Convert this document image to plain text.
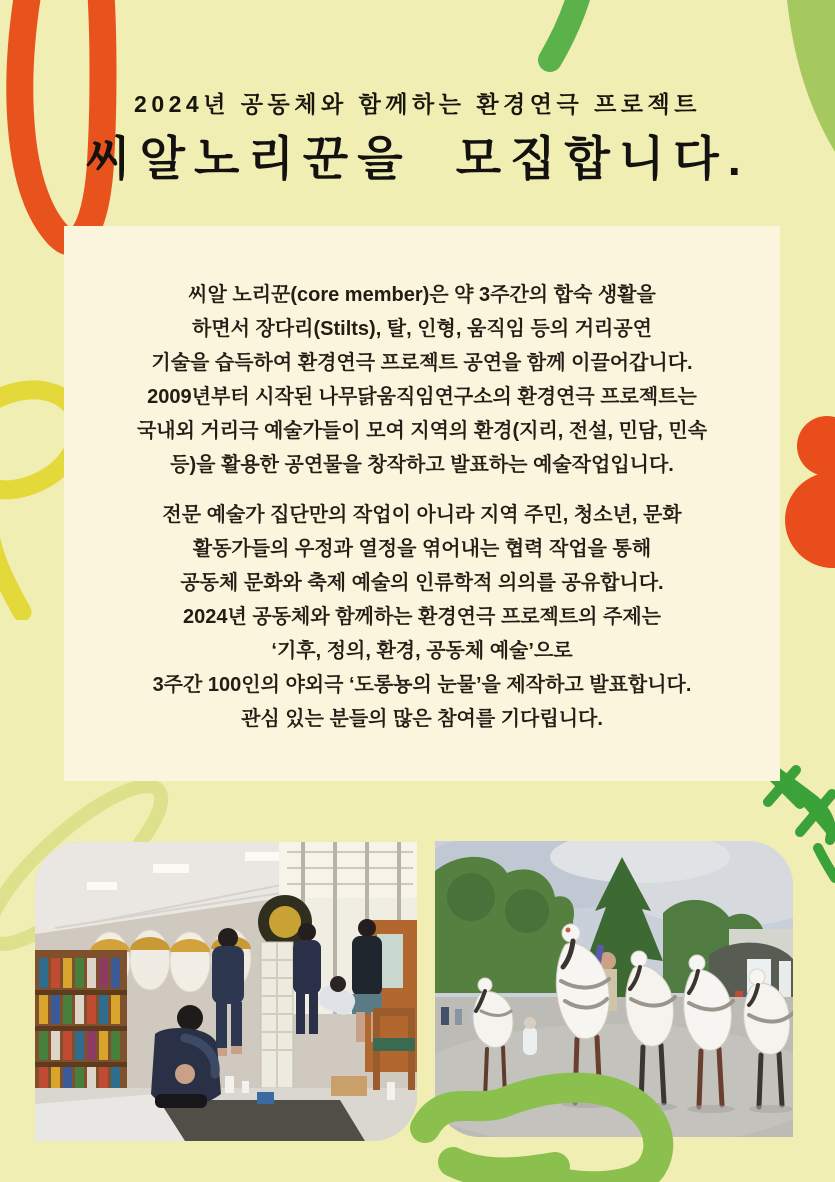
2024년 공동체와 함께하는 환경연극 프로젝트
씨알노리꾼을  모집합니다.
씨알 노리꾼(core member)은 약 3주간의 합숙 생활을
하면서 장다리(Stilts), 탈, 인형, 움직임 등의 거리공연
기술을 습득하여 환경연극 프로젝트 공연을 함께 이끌어갑니다.
2009년부터 시작된 나무닭움직임연구소의 환경연극 프로젝트는
국내외 거리극 예술가들이 모여 지역의 환경(지리, 전설, 민담, 민속
등)을 활용한 공연물을 창작하고 발표하는 예술작업입니다.
전문 예술가 집단만의 작업이 아니라 지역 주민, 청소년, 문화
활동가들의 우정과 열정을 엮어내는 협력 작업을 통해
공동체 문화와 축제 예술의 인류학적 의의를 공유합니다.
2024년 공동체와 함께하는 환경연극 프로젝트의 주제는
‘기후, 정의, 환경, 공동체 예술’으로
3주간 100인의 야외극 ‘도롱뇽의 눈물’을 제작하고 발표합니다.
관심 있는 분들의 많은 참여를 기다립니다.
